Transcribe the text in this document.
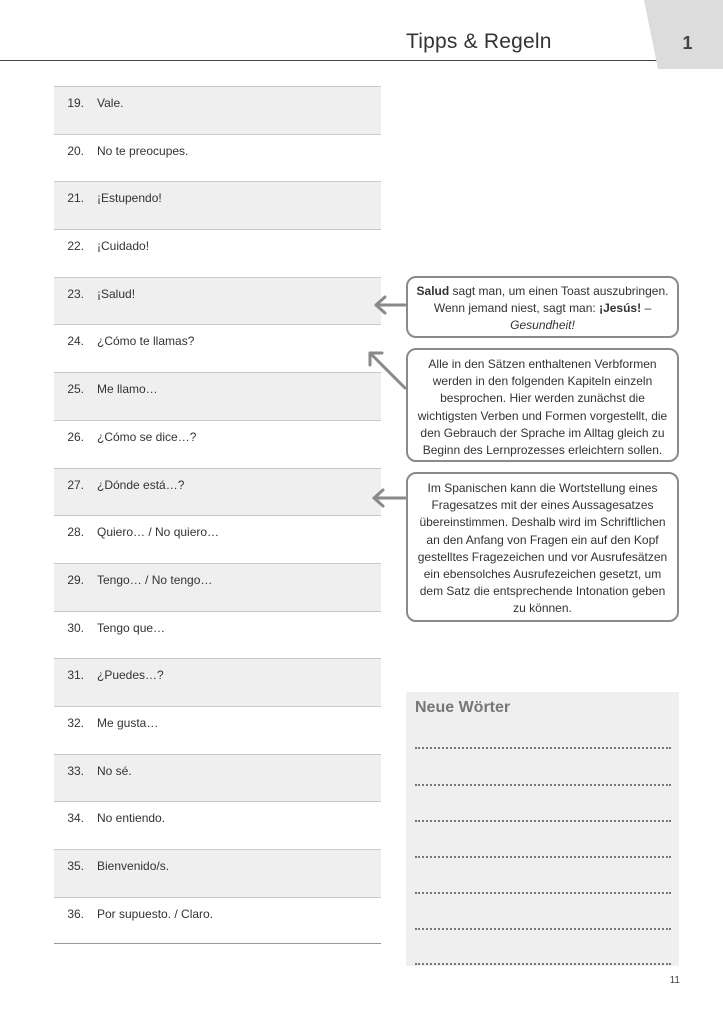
Tipps & Regeln	1
19. Vale.
20. No te preocupes.
21. ¡Estupendo!
22. ¡Cuidado!
23. ¡Salud!
24. ¿Cómo te llamas?
25. Me llamo…
26. ¿Cómo se dice…?
27. ¿Dónde está…?
28. Quiero… / No quiero…
29. Tengo… / No tengo…
30. Tengo que…
31. ¿Puedes…?
32. Me gusta…
33. No sé.
34. No entiendo.
35. Bienvenido/s.
36. Por supuesto. / Claro.
Salud sagt man, um einen Toast auszubringen. Wenn jemand niest, sagt man: ¡Jesús! – Gesundheit!
Alle in den Sätzen enthaltenen Verbformen werden in den folgenden Kapiteln einzeln besprochen. Hier werden zunächst die wichtigsten Verben und Formen vorgestellt, die den Gebrauch der Sprache im Alltag gleich zu Beginn des Lernprozesses erleichtern sollen.
Im Spanischen kann die Wortstellung eines Fragesatzes mit der eines Aussagesatzes übereinstimmen. Deshalb wird im Schriftlichen an den Anfang von Fragen ein auf den Kopf gestelltes Fragezeichen und vor Ausrufesätzen ein ebensolches Ausrufezeichen gesetzt, um dem Satz die entsprechende Intonation geben zu können.
Neue Wörter
11
